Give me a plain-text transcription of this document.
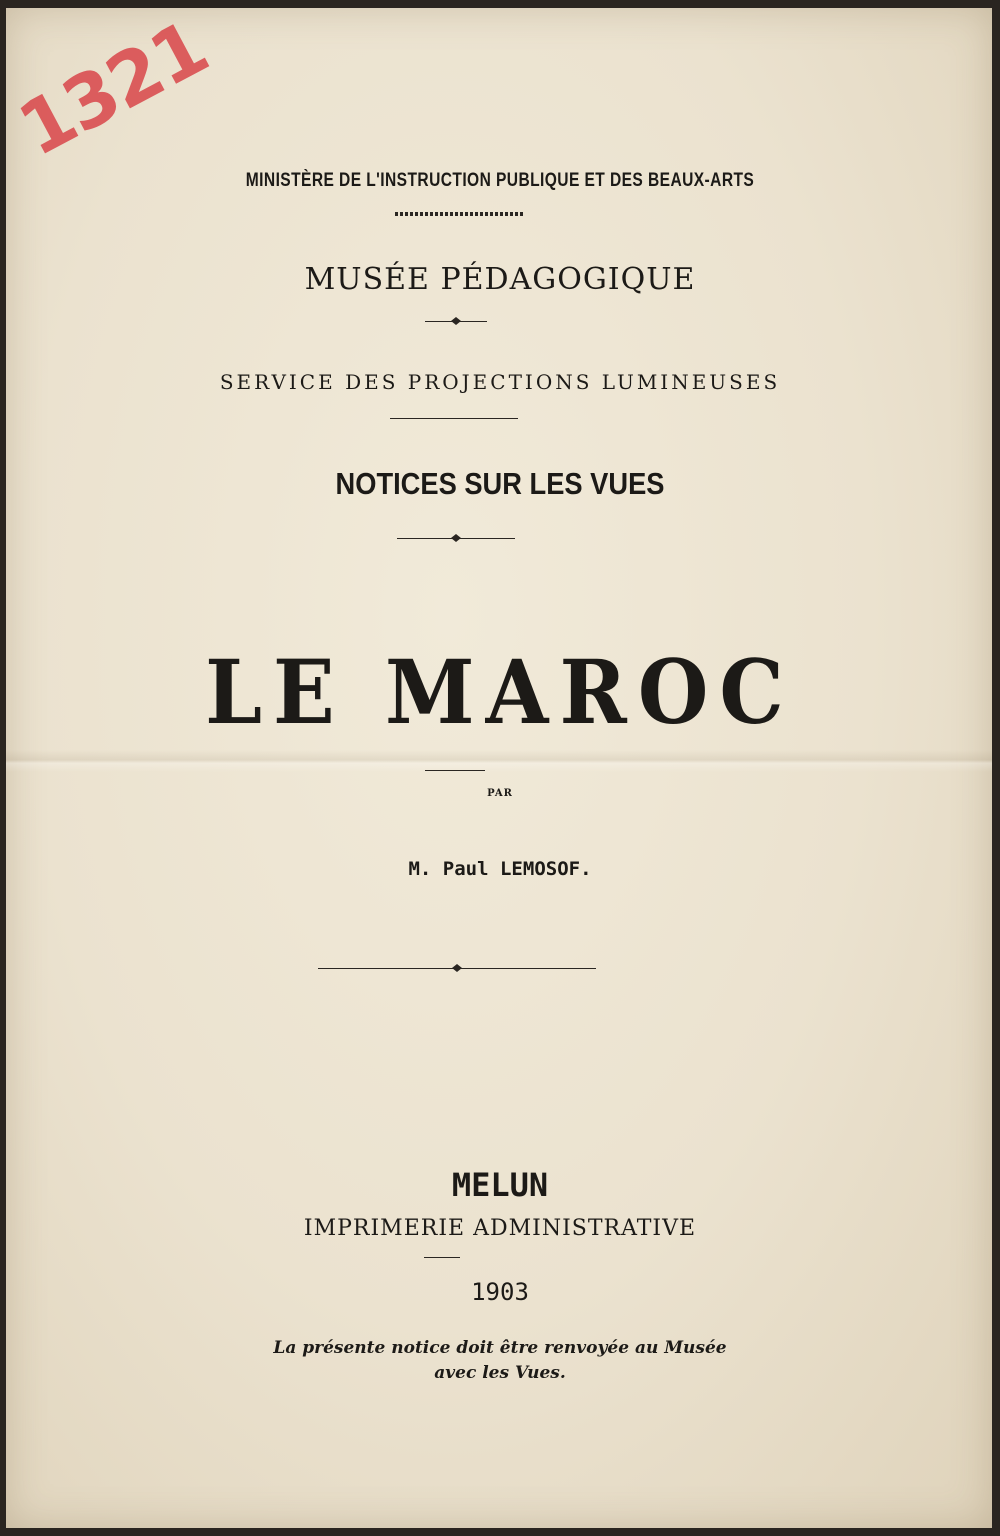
1321

MINISTÈRE DE L'INSTRUCTION PUBLIQUE ET DES BEAUX-ARTS

MUSÉE PÉDAGOGIQUE

SERVICE DES PROJECTIONS LUMINEUSES

NOTICES SUR LES VUES

LE MAROC

PAR

M. Paul LEMOSOF.

MELUN

IMPRIMERIE ADMINISTRATIVE

1903

La présente notice doit être renvoyée au Musée
avec les Vues.
